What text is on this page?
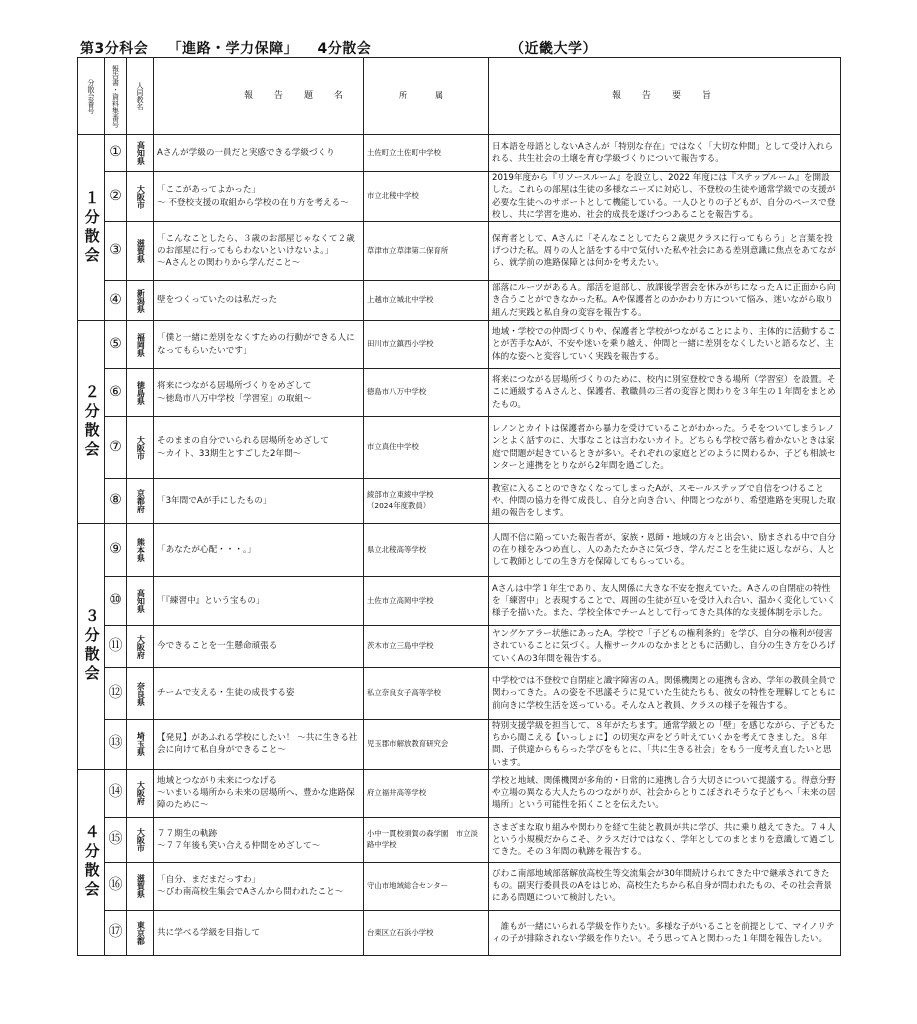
第3分科会 「進路・学力保障」 4分散会	（近畿大学）
分散会番号	報告書・資料集番号	人同教名	報　告　題　名	所　属	報　告　要　旨

１分散会	①	高知県	Aさんが学級の一員だと実感できる学級づくり	土佐町立土佐町中学校	日本語を母語としないAさんが「特別な存在」ではなく「大切な仲間」として受け入れられる、共生社会の土壌を育む学級づくりについて報告する。
	②	大阪市	「ここがあってよかった」
～ 不登校支援の取組から学校の在り方を考える～	市立北稜中学校	2019年度から『リソースルーム』を設立し、2022 年度には『ステップルーム』を開設した。これらの部屋は生徒の多様なニーズに対応し、不登校の生徒や通常学級での支援が必要な生徒へのサポートとして機能している。一人ひとりの子どもが、自分のペースで登校し、共に学習を進め、社会的成長を遂げつつあることを報告する。
	③	滋賀県	「こんなことしたら、３歳のお部屋じゃなくて２歳のお部屋に行ってもらわないといけないよ。」
～Aさんとの関わりから学んだこと～	草津市立草津第二保育所	保育者として、Aさんに「そんなことしてたら２歳児クラスに行ってもらう」と言葉を投げつけた私。周りの人と話をする中で気付いた私や社会にある差別意識に焦点をあてながら、就学前の進路保障とは何かを考えたい。
	④	新潟県	壁をつくっていたのは私だった	上越市立城北中学校	部落にルーツがあるＡ。部活を退部し、放課後学習会を休みがちになったＡに正面から向き合うことができなかった私。Aや保護者とのかかわり方について悩み、迷いながら取り組んだ実践と私自身の変容を報告する。

２分散会	⑤	福岡県	「僕と一緒に差別をなくすための行動ができる人になってもらいたいです」	田川市立鎮西小学校	地域・学校での仲間づくりや、保護者と学校がつながることにより、主体的に活動することが苦手なAが、不安や迷いを乗り越え、仲間と一緒に差別をなくしたいと語るなど、主体的な姿へと変容していく実践を報告する。
	⑥	徳島県	将来につながる居場所づくりをめざして
～徳島市八万中学校「学習室」の取組～	徳島市八万中学校	将来につながる居場所づくりのために、校内に別室登校できる場所（学習室）を設置。そこに通級するＡさんと、保護者、教職員の三者の変容と関わりを３年生の１年間をまとめたもの。
	⑦	大阪市	そのままの自分でいられる居場所をめざして
～カイト、33期生とすごした2年間～	市立真住中学校	レノンとカイトは保護者から暴力を受けていることがわかった。うそをついてしまうレノンとよく話すのに、大事なことは言わないカイト。どちらも学校で落ち着かないときは家庭で問題が起きているときが多い。それぞれの家庭とどのように関わるか、子ども相談センターと連携をとりながら2年間を過ごした。
	⑧	京都府	「3年間でAが手にしたもの」	綾部市立東綾中学校
（2024年度教員）	教室に入ることのできなくなってしまったAが、スモールステップで自信をつけることや、仲間の協力を得て成長し、自分と向き合い、仲間とつながり、希望進路を実現した取組の報告をします。

３分散会	⑨	熊本県	「あなたが心配・・・。」	県立北稜高等学校	人間不信に陥っていた報告者が、家族・恩師・地域の方々と出会い、励まされる中で自分の在り様をみつめ直し、人のあたたかさに気づき、学んだことを生徒に返しながら、人として教師としての生き方を保障してもらっている。
	⑩	高知県	「『練習中』という宝もの」	土佐市立高岡中学校	Aさんは中学１年生であり、友人関係に大きな不安を抱えていた。Aさんの自閉症の特性を「練習中」と表現することで、周囲の生徒が互いを受け入れ合い、温かく変化していく様子を描いた。また、学校全体でチームとして行ってきた具体的な支援体制を示した。
	⑪	大阪府	今できることを一生懸命頑張る	茨木市立三島中学校	ヤングケアラー状態にあったA。学校で「子どもの権利条約」を学び、自分の権利が侵害されていることに気づく。人権サークルのなかまとともに活動し、自分の生き方をひろげていくAの3年間を報告する。
	⑫	奈良県	チームで支える・生徒の成長する姿	私立奈良女子高等学校	中学校では不登校で自閉症と識字障害のＡ。関係機関との連携も含め、学年の教員全員で関わってきた。Ａの姿を不思議そうに見ていた生徒たちも、彼女の特性を理解してともに前向きに学校生活を送っている。そんなＡと教員、クラスの様子を報告する。
	⑬	埼玉県	【発見】があふれる学校にしたい！ ～共に生きる社会に向けて私自身ができること～	児玉郡市解放教育研究会	特別支援学級を担当して、８年がたちます。通常学級との「壁」を感じながら、子どもたちから聞こえる【いっしょに】の切実な声をどう叶えていくかを考えてきました。８年間、子供達からもらった学びをもとに、「共に生きる社会」をもう一度考え直したいと思います。

４分散会	⑭	大阪府	地域とつながり未来につなげる
～いまいる場所から未来の居場所へ、豊かな進路保障のために～	府立福井高等学校	学校と地域、関係機関が多角的・日常的に連携し合う大切さについて提議する。得意分野や立場の異なる大人たちのつながりが、社会からとりこぼされそうな子どもへ「未来の居場所」という可能性を拓くことを伝えたい。
	⑮	大阪市	７７期生の軌跡
～７７年後も笑い合える仲間をめざして～	小中一貫校須賀の森学園　市立淡路中学校	さまざまな取り組みや関わりを経て生徒と教員が共に学び、共に乗り越えてきた。７４人という小規模だからこそ、クラスだけではなく、学年としてのまとまりを意識して過ごしてきた。その３年間の軌跡を報告する。
	⑯	滋賀県	「自分、まだまだっすわ」
～びわ南高校生集会でAさんから問われたこと～	守山市地域総合センター	びわこ南部地域部落解放高校生等交流集会が30年間続けられてきた中で継承されてきたもの。副実行委員長のAをはじめ、高校生たちから私自身が問われたもの、その社会背景にある問題について検討したい。
	⑰	東京都	共に学べる学級を目指して	台東区立石浜小学校	　誰もが一緒にいられる学級を作りたい。多様な子がいることを前提として、マイノリティの子が排除されない学級を作りたい。そう思ってＡと関わった１年間を報告したい。
